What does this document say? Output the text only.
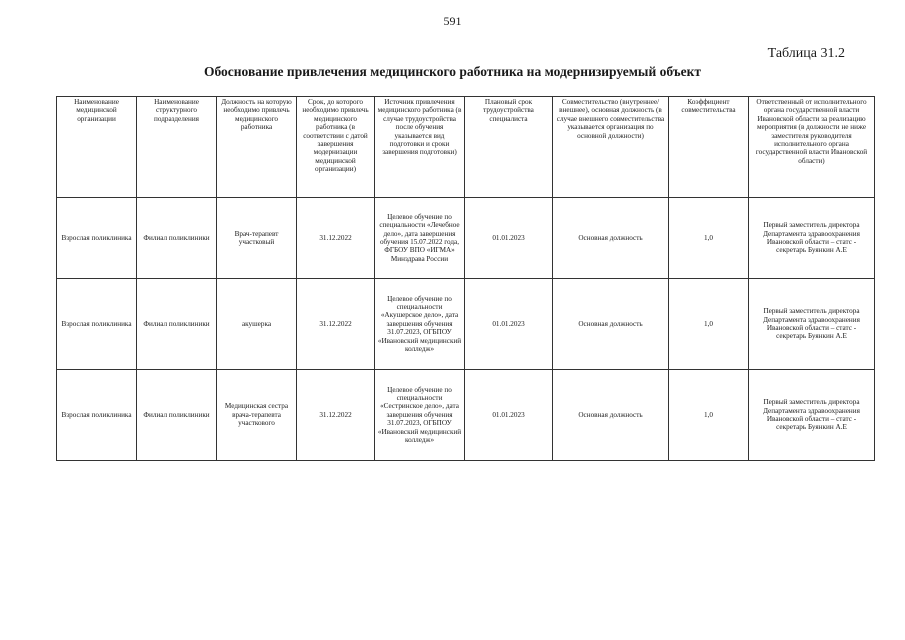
591
Таблица 31.2
Обоснование привлечения медицинского работника на модернизируемый объект
Наименование медицинской организации	Наименование структурного подразделения	Должность на которую необходимо привлечь медицинского работника	Срок, до которого необходимо привлечь медицинского работника (в соответствии с датой завершения модернизации медицинской организации)	Источник привлечения медицинского работника (в случае трудоустройства после обучения указывается вид подготовки и сроки завершения подготовки)	Плановый срок трудоустройства специалиста	Совместительство (внутреннее/внешнее), основная должность (в случае внешнего совместительства указывается организация по основной должности)	Коэффициент совместительства	Ответственный от исполнительного органа государственной власти Ивановской области за реализацию мероприятия (в должности не ниже заместителя руководителя исполнительного органа государственной власти Ивановской области)
Взрослая поликлиника	Филиал поликлиники	Врач-терапевт участковый	31.12.2022	Целевое обучение по специальности «Лечебное дело», дата завершения обучения 15.07.2022 года, ФГБОУ ВПО «ИГМА» Минздрава России	01.01.2023	Основная должность	1,0	Первый заместитель директора Департамента здравоохранения Ивановской области – статс - секретарь Буянкин А.Е
Взрослая поликлиника	Филиал поликлиники	акушерка	31.12.2022	Целевое обучение по специальности «Акушерское дело», дата завершения обучения 31.07.2023, ОГБПОУ «Ивановский медицинский колледж»	01.01.2023	Основная должность	1,0	Первый заместитель директора Департамента здравоохранения Ивановской области – статс - секретарь Буянкин А.Е
Взрослая поликлиника	Филиал поликлиники	Медицинская сестра врача-терапевта участкового	31.12.2022	Целевое обучение по специальности «Сестринское дело», дата завершения обучения 31.07.2023, ОГБПОУ «Ивановский медицинский колледж»	01.01.2023	Основная должность	1,0	Первый заместитель директора Департамента здравоохранения Ивановской области – статс - секретарь Буянкин А.Е
